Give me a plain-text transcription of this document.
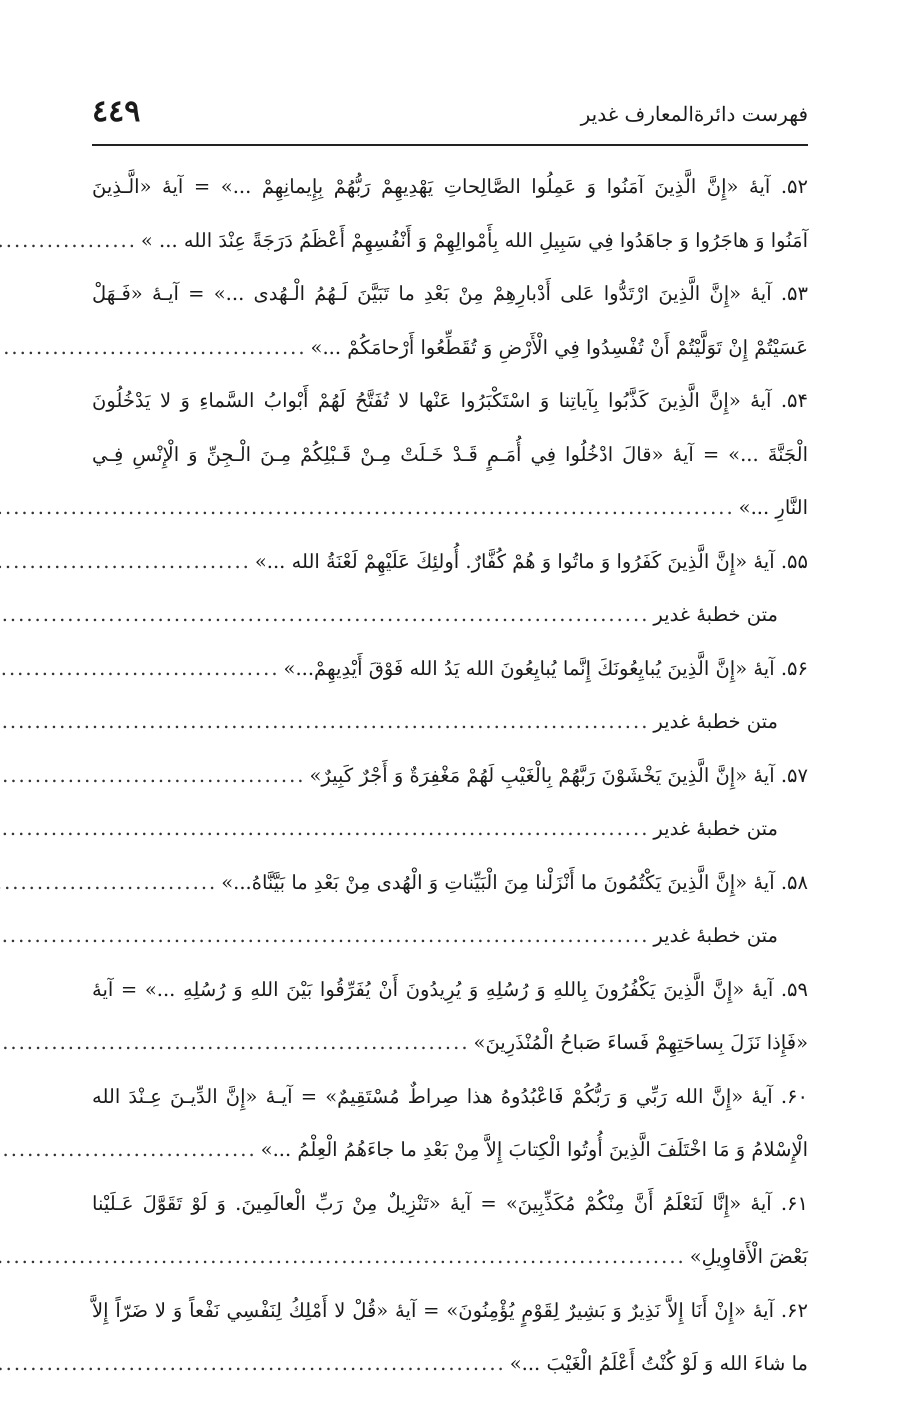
فهرست دائرةالمعارف غدير
٤٤٩
۵۲. آيۀ «إِنَّ الَّذِينَ آمَنُوا وَ عَمِلُوا الصَّالِحاتِ يَهْدِيهِمْ رَبُّهُمْ بِإِيمانِهِمْ ...» = آيۀ «الَّـذِينَ
آمَنُوا وَ هاجَرُوا وَ جاهَدُوا فِي سَبِيلِ الله بِأَمْوالِهِمْ وَ أَنْفُسِهِمْ أَعْظَمُ دَرَجَةً عِنْدَ الله ... »
.....
۵۳. آيۀ «إِنَّ الَّذِينَ ارْتَدُّوا عَلى أَدْبارِهِمْ مِنْ بَعْدِ ما تَبَيَّنَ لَـهُمُ الْـهُدى ...» = آيـۀ «فَـهَلْ
عَسَيْتُمْ إِنْ تَوَلَّيْتُمْ أَنْ تُفْسِدُوا فِي الْأَرْضِ وَ تُقَطِّعُوا أَرْحامَكُمْ ...»
.....
۵۴. آيۀ «إِنَّ الَّذِينَ كَذَّبُوا بِآياتِنا وَ اسْتَكْبَرُوا عَنْها لا تُفَتَّحُ لَهُمْ أَبْوابُ السَّماءِ وَ لا يَدْخُلُونَ
الْجَنَّةَ ...» = آيۀ «قالَ ادْخُلُوا فِي أُمَـمٍ قَـدْ خَـلَتْ مِـنْ قَـبْلِكُمْ مِـنَ الْـجِنِّ وَ الْإِنْسِ فِـي
النَّارِ ...»
.....
۵۵. آيۀ «إِنَّ الَّذِينَ كَفَرُوا وَ ماتُوا وَ هُمْ كُفَّارٌ. أُولئِكَ عَلَيْهِمْ لَعْنَةُ الله ...»
.....
متن خطبۀ غدير
.....
۵۶. آيۀ «إِنَّ الَّذِينَ يُبايِعُونَكَ إِنَّما يُبايِعُونَ الله يَدُ الله فَوْقَ أَيْدِيهِمْ...»
.....
متن خطبۀ غدير
.....
۵۷. آيۀ «إِنَّ الَّذِينَ يَخْشَوْنَ رَبَّهُمْ بِالْغَيْبِ لَهُمْ مَغْفِرَةٌ وَ أَجْرٌ كَبِيرٌ»
.....
متن خطبۀ غدير
.....
۵۸. آيۀ «إِنَّ الَّذِينَ يَكْتُمُونَ ما أَنْزَلْنا مِنَ الْبَيِّناتِ وَ الْهُدى مِنْ بَعْدِ ما بَيَّنَّاهُ...»
.....
متن خطبۀ غدير
.....
۵۹. آيۀ «إِنَّ الَّذِينَ يَكْفُرُونَ بِاللهِ وَ رُسُلِهِ وَ يُرِيدُونَ أَنْ يُفَرِّقُوا بَيْنَ اللهِ وَ رُسُلِهِ ...» = آيۀ
«فَإِذا نَزَلَ بِساحَتِهِمْ فَساءَ صَباحُ الْمُنْذَرِينَ»
.....
۶۰. آيۀ «إِنَّ الله رَبِّي وَ رَبُّكُمْ فَاعْبُدُوهُ هذا صِراطٌ مُسْتَقِيمٌ» = آيـۀ «إِنَّ الدِّيـنَ عِـنْدَ الله
الْإِسْلامُ وَ مَا اخْتَلَفَ الَّذِينَ أُوتُوا الْكِتابَ إِلاَّ مِنْ بَعْدِ ما جاءَهُمُ الْعِلْمُ ...»
.....
۶۱. آيۀ «إِنَّا لَنَعْلَمُ أَنَّ مِنْكُمْ مُكَذِّبِينَ» = آيۀ «تَنْزِيلٌ مِنْ رَبِّ الْعالَمِينَ. وَ لَوْ تَقَوَّلَ عَـلَيْنا
بَعْضَ الْأَقاوِيلِ»
.....
۶۲. آيۀ «إِنْ أَنَا إِلاَّ نَذِيرٌ وَ بَشِيرٌ لِقَوْمٍ يُؤْمِنُونَ» = آيۀ «قُلْ لا أَمْلِكُ لِنَفْسِي نَفْعاً وَ لا ضَرّاً إِلاَّ
ما شاءَ الله وَ لَوْ كُنْتُ أَعْلَمُ الْغَيْبَ ...»
.....
